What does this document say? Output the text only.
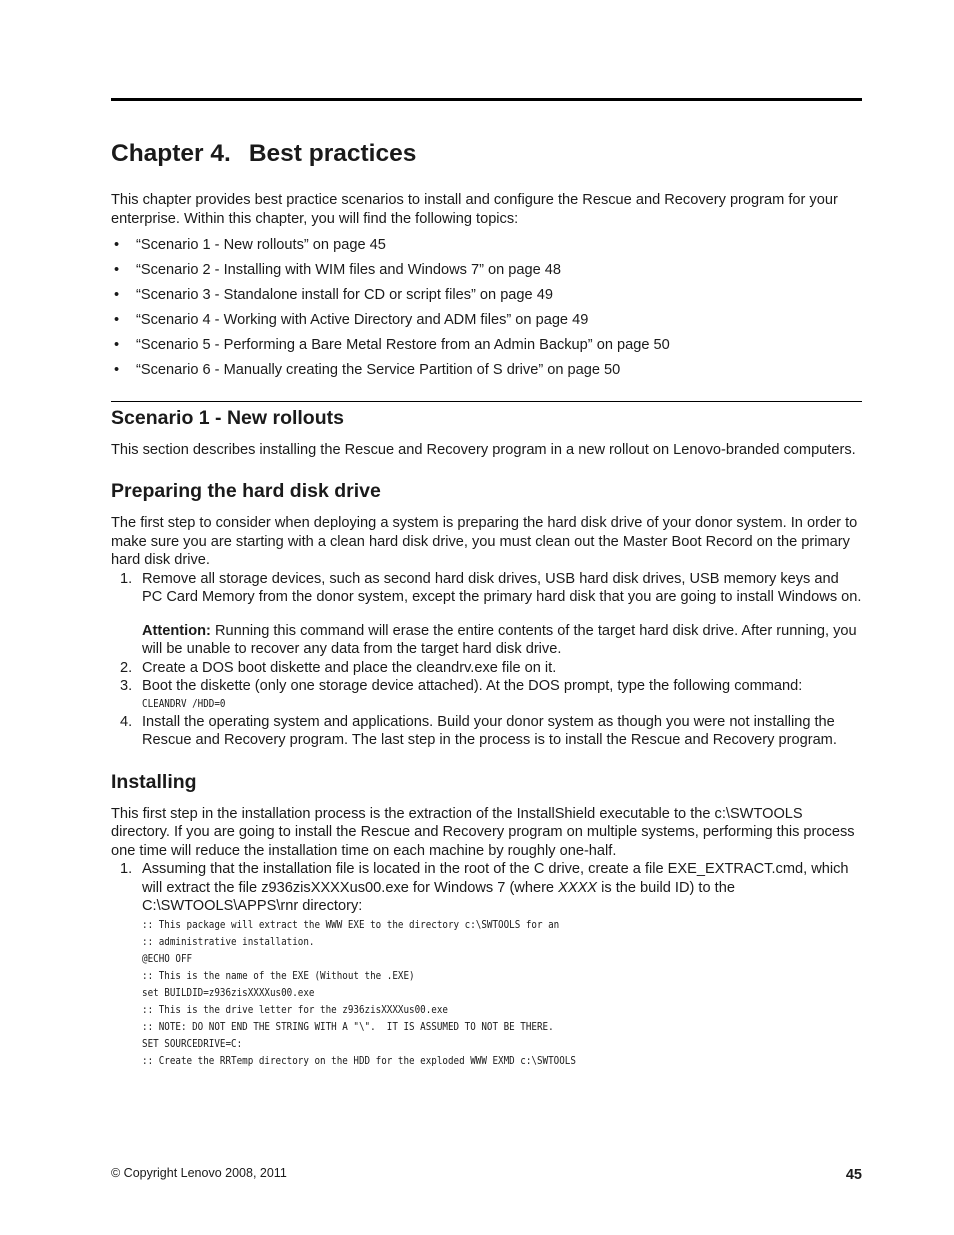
Chapter 4. Best practices

This chapter provides best practice scenarios to install and configure the Rescue and Recovery program for your enterprise. Within this chapter, you will find the following topics:

• “Scenario 1 - New rollouts” on page 45
• “Scenario 2 - Installing with WIM files and Windows 7” on page 48
• “Scenario 3 - Standalone install for CD or script files” on page 49
• “Scenario 4 - Working with Active Directory and ADM files” on page 49
• “Scenario 5 - Performing a Bare Metal Restore from an Admin Backup” on page 50
• “Scenario 6 - Manually creating the Service Partition of S drive” on page 50
Scenario 1 - New rollouts

This section describes installing the Rescue and Recovery program in a new rollout on Lenovo-branded computers.

Preparing the hard disk drive

The first step to consider when deploying a system is preparing the hard disk drive of your donor system. In order to make sure you are starting with a clean hard disk drive, you must clean out the Master Boot Record on the primary hard disk drive.

1. Remove all storage devices, such as second hard disk drives, USB hard disk drives, USB memory keys and PC Card Memory from the donor system, except the primary hard disk that you are going to install Windows on.

Attention: Running this command will erase the entire contents of the target hard disk drive. After running, you will be unable to recover any data from the target hard disk drive.

2. Create a DOS boot diskette and place the cleandrv.exe file on it.
3. Boot the diskette (only one storage device attached). At the DOS prompt, type the following command:
CLEANDRV /HDD=0
4. Install the operating system and applications. Build your donor system as though you were not installing the Rescue and Recovery program. The last step in the process is to install the Rescue and Recovery program.
Installing

This first step in the installation process is the extraction of the InstallShield executable to the c:\SWTOOLS directory. If you are going to install the Rescue and Recovery program on multiple systems, performing this process one time will reduce the installation time on each machine by roughly one-half.

1. Assuming that the installation file is located in the root of the C drive, create a file EXE_EXTRACT.cmd, which will extract the file z936zisXXXXus00.exe for Windows 7 (where XXXX is the build ID) to the C:\SWTOOLS\APPS\rnr directory:
:: This package will extract the WWW EXE to the directory c:\SWTOOLS for an
:: administrative installation.
@ECHO OFF
:: This is the name of the EXE (Without the .EXE)
set BUILDID=z936zisXXXXus00.exe
:: This is the drive letter for the z936zisXXXXus00.exe
:: NOTE: DO NOT END THE STRING WITH A "\".  IT IS ASSUMED TO NOT BE THERE.
SET SOURCEDRIVE=C:
:: Create the RRTemp directory on the HDD for the exploded WWW EXMD c:\SWTOOLS
© Copyright Lenovo 2008, 2011	45
